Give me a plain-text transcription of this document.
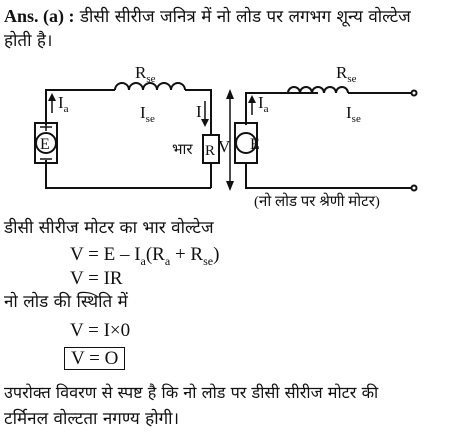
Ans. (a) : डीसी सीरीज जनित्र में नो लोड पर लगभग शून्य वोल्टेज
होती है।
$R_{se}$
$I_{se}$
$I_a$
E
I
भार R V
$R_{se}$
$I_{se}$
$I_a$
E
(नो लोड पर श्रेणी मोटर)
डीसी सीरीज मोटर का भार वोल्टेज
$V = E - I_a(R_a + R_{se})$
V = IR
नो लोड की स्थिति में
V = I×0
V = O
उपरोक्त विवरण से स्पष्ट है कि नो लोड पर डीसी सीरीज मोटर की
टर्मिनल वोल्टता नगण्य होगी।
